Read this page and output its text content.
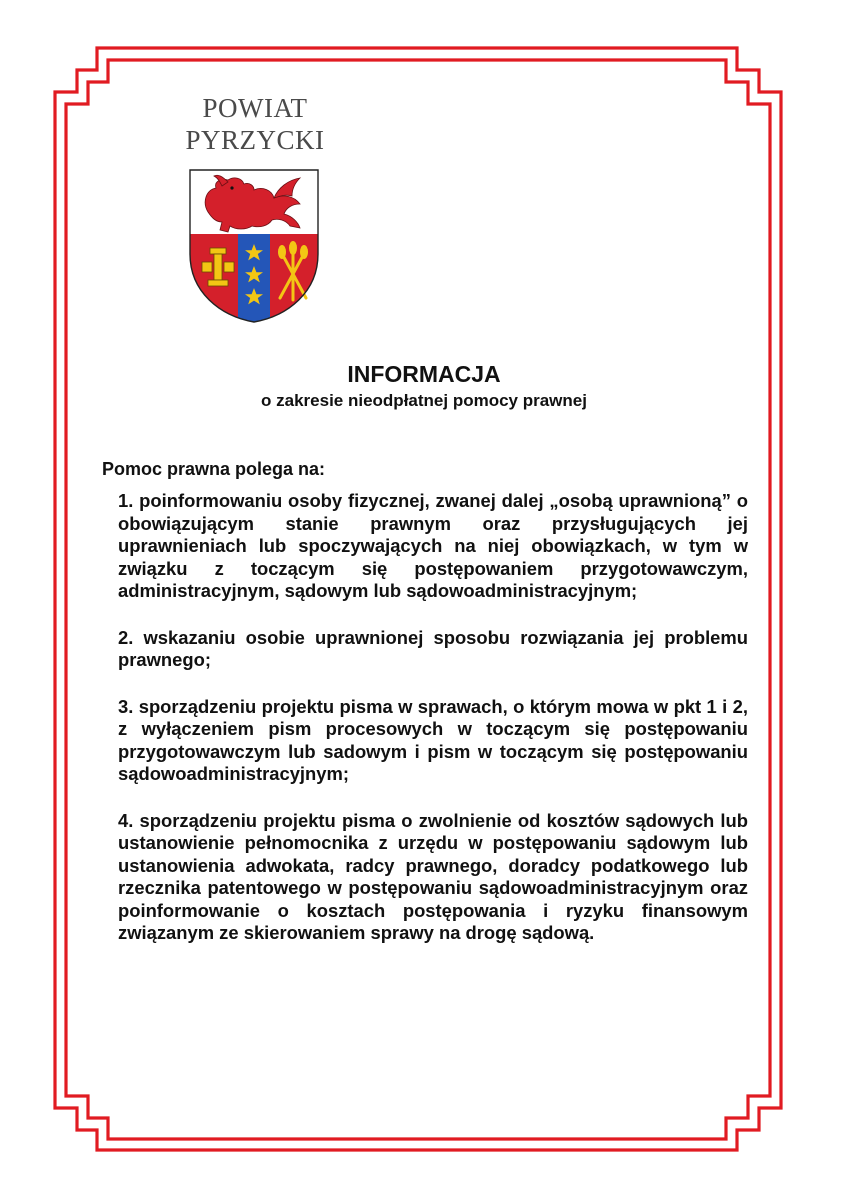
POWIAT
PYRZYCKI
INFORMACJA
o zakresie nieodpłatnej pomocy prawnej
Pomoc prawna polega na:

1. poinformowaniu osoby fizycznej, zwanej dalej „osobą uprawnioną” o obowiązującym stanie prawnym oraz przysługujących jej uprawnieniach lub spoczywających na niej obowiązkach, w tym w związku z toczącym się postępowaniem przygotowawczym, administracyjnym, sądowym lub sądowoadministracyjnym;

2. wskazaniu osobie uprawnionej sposobu rozwiązania jej problemu prawnego;

3. sporządzeniu projektu pisma w sprawach, o którym mowa w pkt 1 i 2, z wyłączeniem pism procesowych w toczącym się postępowaniu przygotowawczym lub sadowym i pism w toczącym się postępowaniu sądowoadministracyjnym;

4. sporządzeniu projektu pisma o zwolnienie od kosztów sądowych lub ustanowienie pełnomocnika z urzędu w postępowaniu sądowym lub ustanowienia adwokata, radcy prawnego, doradcy podatkowego lub rzecznika patentowego w postępowaniu sądowoadministracyjnym oraz poinformowanie o kosztach postępowania i ryzyku finansowym związanym ze skierowaniem sprawy na drogę sądową.
